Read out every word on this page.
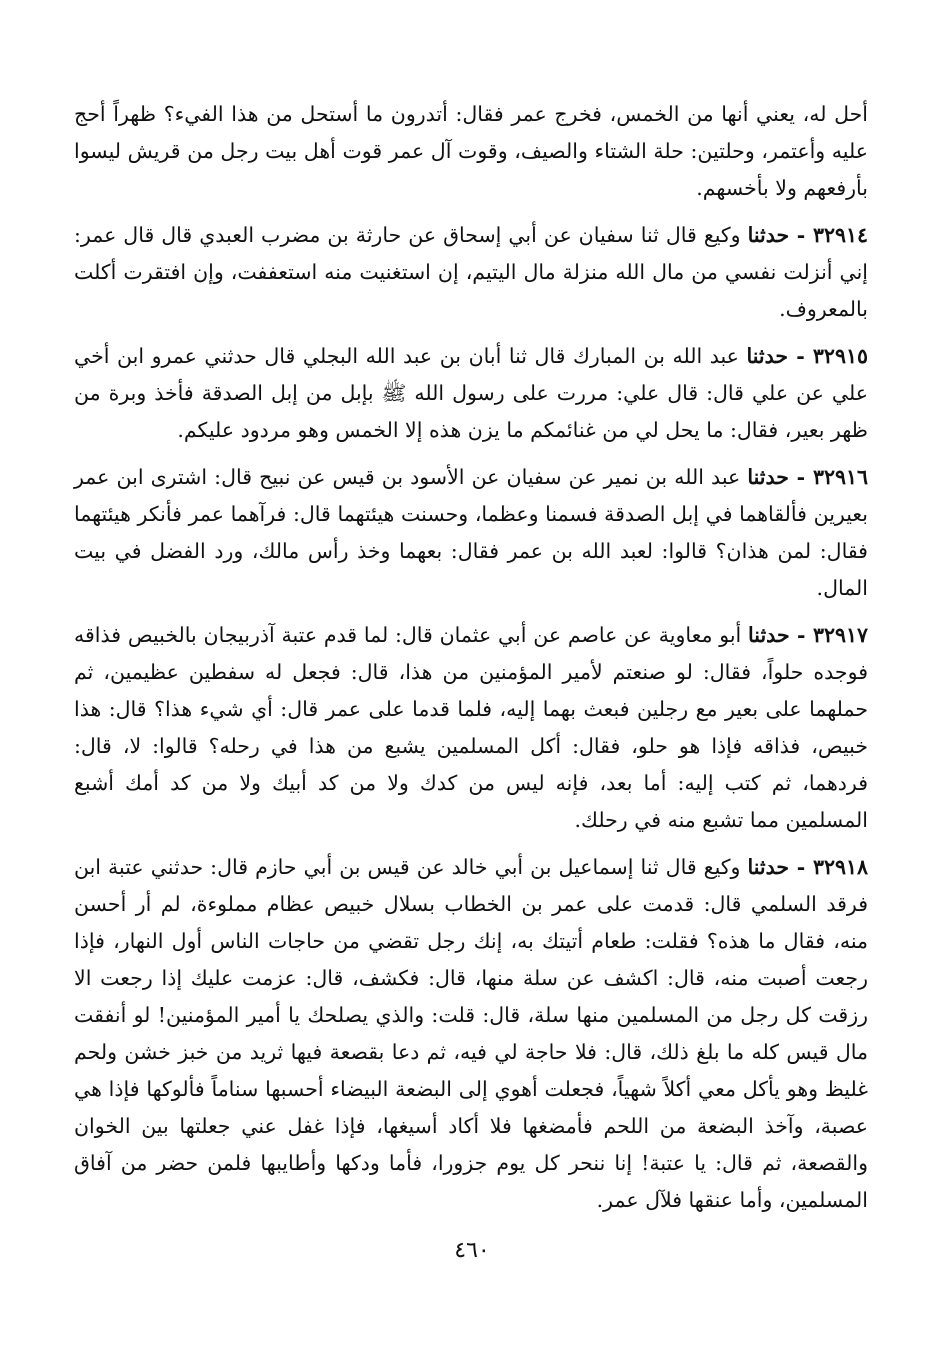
أحل له، يعني أنها من الخمس، فخرج عمر فقال: أتدرون ما أستحل من هذا الفيء؟ ظهراً أحج عليه وأعتمر، وحلتين: حلة الشتاء والصيف، وقوت آل عمر قوت أهل بيت رجل من قريش ليسوا بأرفعهم ولا بأخسهم.

٣٢٩١٤ - حدثنا وكيع قال ثنا سفيان عن أبي إسحاق عن حارثة بن مضرب العبدي قال قال عمر: إني أنزلت نفسي من مال الله منزلة مال اليتيم، إن استغنيت منه استعففت، وإن افتقرت أكلت بالمعروف.

٣٢٩١٥ - حدثنا عبد الله بن المبارك قال ثنا أبان بن عبد الله البجلي قال حدثني عمرو ابن أخي علي عن علي قال: قال علي: مررت على رسول الله ﷺ بإبل من إبل الصدقة فأخذ وبرة من ظهر بعير، فقال: ما يحل لي من غنائمكم ما يزن هذه إلا الخمس وهو مردود عليكم.

٣٢٩١٦ - حدثنا عبد الله بن نمير عن سفيان عن الأسود بن قيس عن نبيح قال: اشترى ابن عمر بعيرين فألقاهما في إبل الصدقة فسمنا وعظما، وحسنت هيئتهما قال: فرآهما عمر فأنكر هيئتهما فقال: لمن هذان؟ قالوا: لعبد الله بن عمر فقال: بعهما وخذ رأس مالك، ورد الفضل في بيت المال.

٣٢٩١٧ - حدثنا أبو معاوية عن عاصم عن أبي عثمان قال: لما قدم عتبة آذربيجان بالخبيص فذاقه فوجده حلواً، فقال: لو صنعتم لأمير المؤمنين من هذا، قال: فجعل له سفطين عظيمين، ثم حملهما على بعير مع رجلين فبعث بهما إليه، فلما قدما على عمر قال: أي شيء هذا؟ قال: هذا خبيص، فذاقه فإذا هو حلو، فقال: أكل المسلمين يشبع من هذا في رحله؟ قالوا: لا، قال: فردهما، ثم كتب إليه: أما بعد، فإنه ليس من كدك ولا من كد أبيك ولا من كد أمك أشبع المسلمين مما تشبع منه في رحلك.

٣٢٩١٨ - حدثنا وكيع قال ثنا إسماعيل بن أبي خالد عن قيس بن أبي حازم قال: حدثني عتبة ابن فرقد السلمي قال: قدمت على عمر بن الخطاب بسلال خبيص عظام مملوءة، لم أر أحسن منه، فقال ما هذه؟ فقلت: طعام أتيتك به، إنك رجل تقضي من حاجات الناس أول النهار، فإذا رجعت أصبت منه، قال: اكشف عن سلة منها، قال: فكشف، قال: عزمت عليك إذا رجعت الا رزقت كل رجل من المسلمين منها سلة، قال: قلت: والذي يصلحك يا أمير المؤمنين! لو أنفقت مال قيس كله ما بلغ ذلك، قال: فلا حاجة لي فيه، ثم دعا بقصعة فيها ثريد من خبز خشن ولحم غليظ وهو يأكل معي أكلاً شهياً، فجعلت أهوي إلى البضعة البيضاء أحسبها سناماً فألوكها فإذا هي عصبة، وآخذ البضعة من اللحم فأمضغها فلا أكاد أسيغها، فإذا غفل عني جعلتها بين الخوان والقصعة، ثم قال: يا عتبة! إنا ننحر كل يوم جزورا، فأما ودكها وأطايبها فلمن حضر من آفاق المسلمين، وأما عنقها فلآل عمر.

٤٦٠
